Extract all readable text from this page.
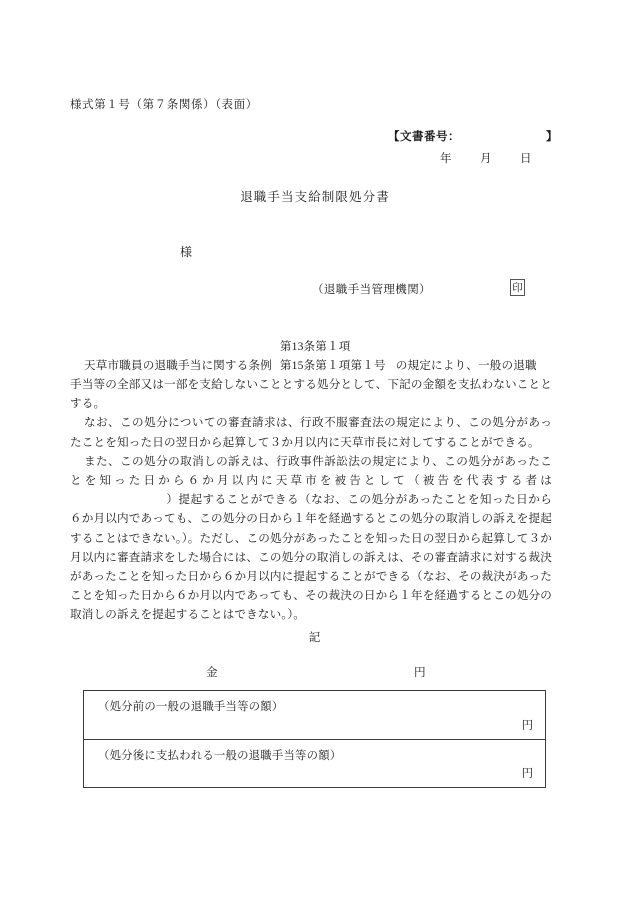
様式第１号（第７条関係）（表面）
【文書番号：	】
年 月 日
退職手当支給制限処分書
様
（退職手当管理機関）	印
天草市職員の退職手当に関する条例
第13条第１項
第15条第１項第１号 の規定により、一般の退職

手当等の全部又は一部を支給しないこととする処分として、下記の金額を支払わないこととする。

なお、この処分についての審査請求は、行政不服審査法の規定により、この処分があったことを知った日の翌日から起算して３か月以内に天草市長に対してすることができる。

また、この処分の取消しの訴えは、行政事件訴訟法の規定により、この処分があったことを知った日から６か月以内に天草市を被告として（被告を代表する者は）提起することができる（なお、この処分があったことを知った日から６か月以内であっても、この処分の日から１年を経過するとこの処分の取消しの訴えを提起することはできない。）。ただし、この処分があったことを知った日の翌日から起算して３か月以内に審査請求をした場合には、この処分の取消しの訴えは、その審査請求に対する裁決があったことを知った日から６か月以内に提起することができる（なお、その裁決があったことを知った日から６か月以内であっても、その裁決の日から１年を経過するとこの処分の取消しの訴えを提起することはできない。）。

記
金	円
（処分前の一般の退職手当等の額）
円
（処分後に支払われる一般の退職手当等の額）
円
